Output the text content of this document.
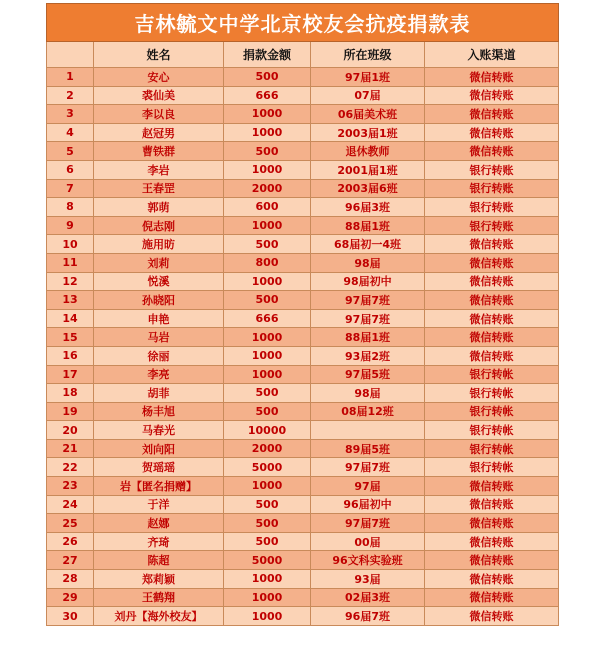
吉林毓文中学北京校友会抗疫捐款表				
	姓名	捐款金额	所在班级	入账渠道
1	安心	500	97届1班	微信转账
2	裘仙美	666	07届	微信转账
3	李以良	1000	06届美术班	微信转账
4	赵冠男	1000	2003届1班	微信转账
5	曹铁群	500	退休教师	微信转账
6	李岩	1000	2001届1班	银行转账
7	王春罡	2000	2003届6班	银行转账
8	郭萌	600	96届3班	银行转账
9	倪志刚	1000	88届1班	银行转账
10	施用昉	500	68届初一4班	微信转账
11	刘莉	800	98届	微信转账
12	悦溪	1000	98届初中	微信转账
13	孙晓阳	500	97届7班	微信转账
14	申艳	666	97届7班	微信转账
15	马岩	1000	88届1班	微信转账
16	徐丽	1000	93届2班	微信转账
17	李亮	1000	97届5班	银行转帐
18	胡菲	500	98届	银行转帐
19	杨丰旭	500	08届12班	银行转帐
20	马春光	10000		银行转帐
21	刘向阳	2000	89届5班	银行转帐
22	贺瑶瑶	5000	97届7班	银行转帐
23	岩【匿名捐赠】	1000	97届	微信转账
24	于洋	500	96届初中	微信转账
25	赵娜	500	97届7班	微信转账
26	齐琦	500	00届	微信转账
27	陈超	5000	96文科实验班	微信转账
28	郑莉颖	1000	93届	微信转账
29	王鹤翔	1000	02届3班	微信转账
30	刘丹【海外校友】	1000	96届7班	微信转账
